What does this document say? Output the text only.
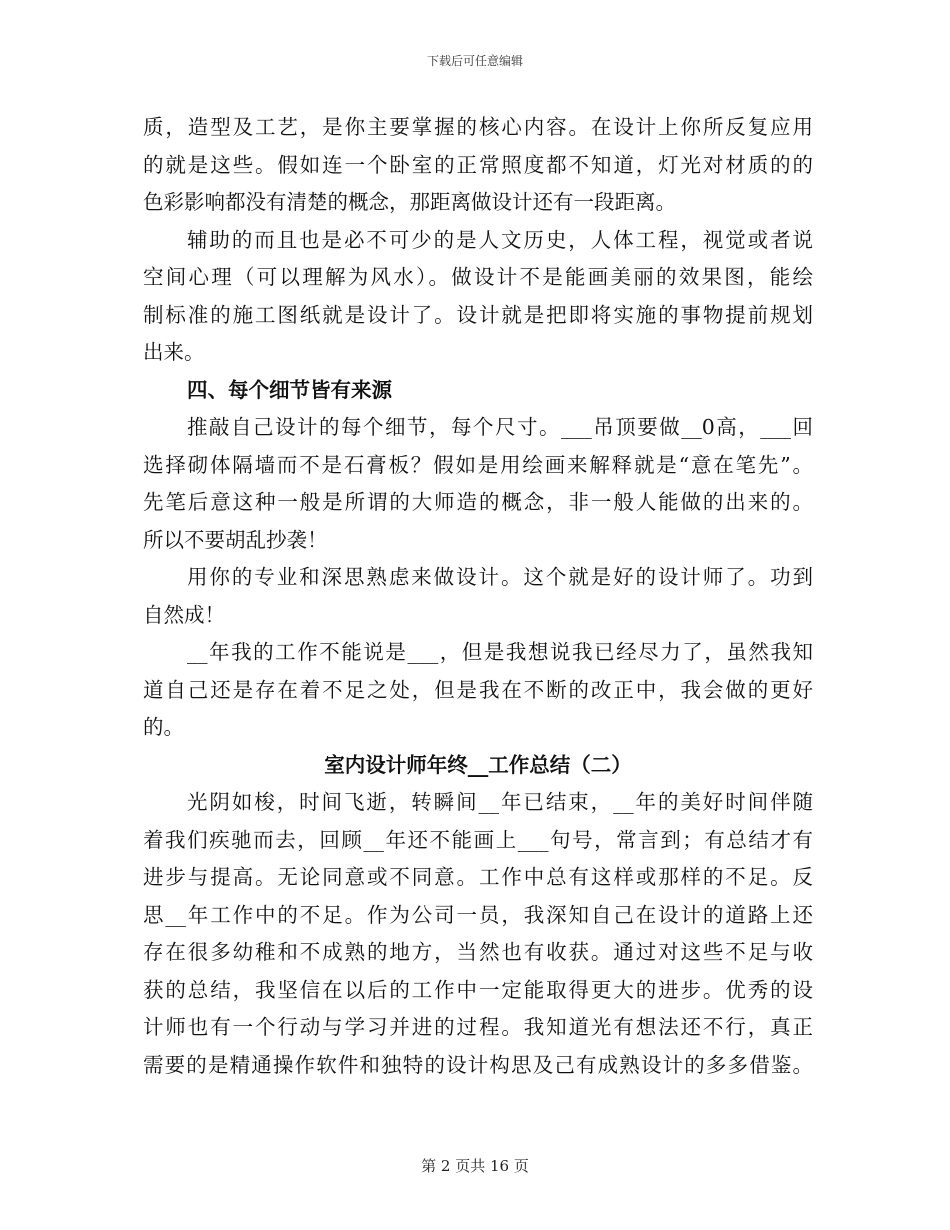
下载后可任意编辑
质，造型及工艺，是你主要掌握的核心内容。在设计上你所反复应用
的就是这些。假如连一个卧室的正常照度都不知道，灯光对材质的的
色彩影响都没有清楚的概念，那距离做设计还有一段距离。
辅助的而且也是必不可少的是人文历史，人体工程，视觉或者说
空间心理（可以理解为风水）。做设计不是能画美丽的效果图，能绘
制标准的施工图纸就是设计了。设计就是把即将实施的事物提前规划
出来。
四、每个细节皆有来源
推敲自己设计的每个细节，每个尺寸。___吊顶要做__0高，___回
选择砌体隔墙而不是石膏板？假如是用绘画来解释就是“意在笔先”。
先笔后意这种一般是所谓的大师造的概念，非一般人能做的出来的。
所以不要胡乱抄袭！
用你的专业和深思熟虑来做设计。这个就是好的设计师了。功到
自然成！
__年我的工作不能说是___，但是我想说我已经尽力了，虽然我知
道自己还是存在着不足之处，但是我在不断的改正中，我会做的更好
的。
室内设计师年终__工作总结（二）
光阴如梭，时间飞逝，转瞬间__年已结束，__年的美好时间伴随
着我们疾驰而去，回顾__年还不能画上___句号，常言到；有总结才有
进步与提高。无论同意或不同意。工作中总有这样或那样的不足。反
思__年工作中的不足。作为公司一员，我深知自己在设计的道路上还
存在很多幼稚和不成熟的地方，当然也有收获。通过对这些不足与收
获的总结，我坚信在以后的工作中一定能取得更大的进步。优秀的设
计师也有一个行动与学习并进的过程。我知道光有想法还不行，真正
需要的是精通操作软件和独特的设计构思及己有成熟设计的多多借鉴。
第 2 页共 16 页
